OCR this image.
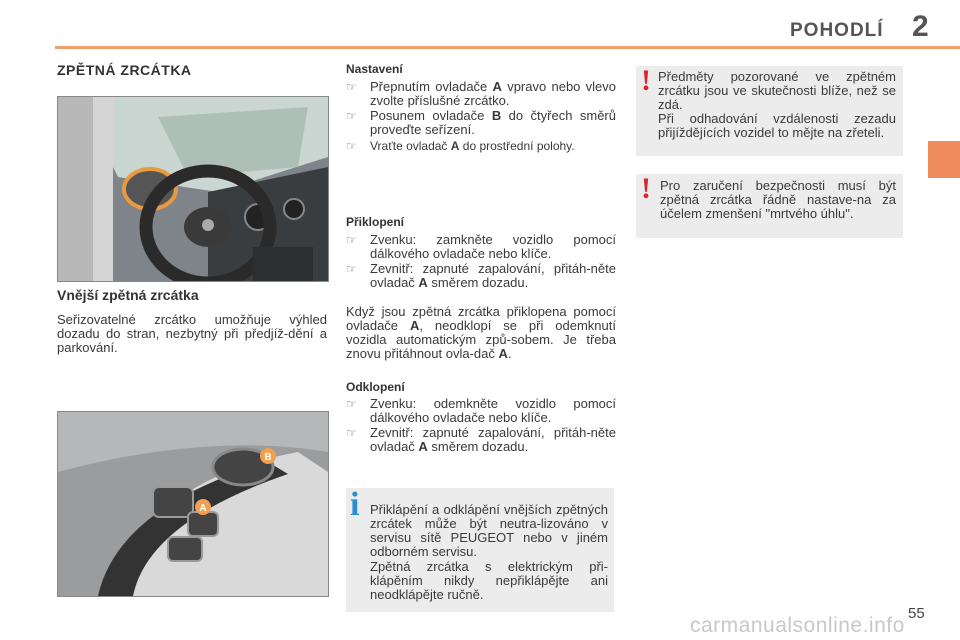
POHODLÍ 2
ZPĚTNÁ ZRCÁTKA
Vnější zpětná zrcátka
Seřizovatelné zrcátko umožňuje výhled dozadu do stran, nezbytný při předjíž-dění a parkování.
B
A
Nastavení
☞ Přepnutím ovladače A vpravo nebo vlevo zvolte příslušné zrcátko.
☞ Posunem ovladače B do čtyřech směrů proveďte seřízení.
☞ Vraťte ovladač A do prostřední polohy.
Přiklopení
☞ Zvenku: zamkněte vozidlo pomocí dálkového ovladače nebo klíče.
☞ Zevnitř: zapnuté zapalování, přitáh-něte ovladač A směrem dozadu.
Když jsou zpětná zrcátka přiklopena pomocí ovladače A, neodklopí se při odemknutí vozidla automatickým způ-sobem. Je třeba znovu přitáhnout ovla-dač A.
Odklopení
☞ Zvenku: odemkněte vozidlo pomocí dálkového ovladače nebo klíče.
☞ Zevnitř: zapnuté zapalování, přitáh-něte ovladač A směrem dozadu.
i Přiklápění a odklápění vnějších zpětných zrcátek může být neutra-lizováno v servisu sítě PEUGEOT nebo v jiném odborném servisu.
Zpětná zrcátka s elektrickým při-klápěním nikdy nepřiklápějte ani neodklápějte ručně.
! Předměty pozorované ve zpětném zrcátku jsou ve skutečnosti blíže, než se zdá.
Při odhadování vzdálenosti zezadu přijíždějících vozidel to mějte na zřeteli.
! Pro zaručení bezpečnosti musí být zpětná zrcátka řádně nastave-na za účelem zmenšení "mrtvého úhlu".
55
carmanualsonline.info
